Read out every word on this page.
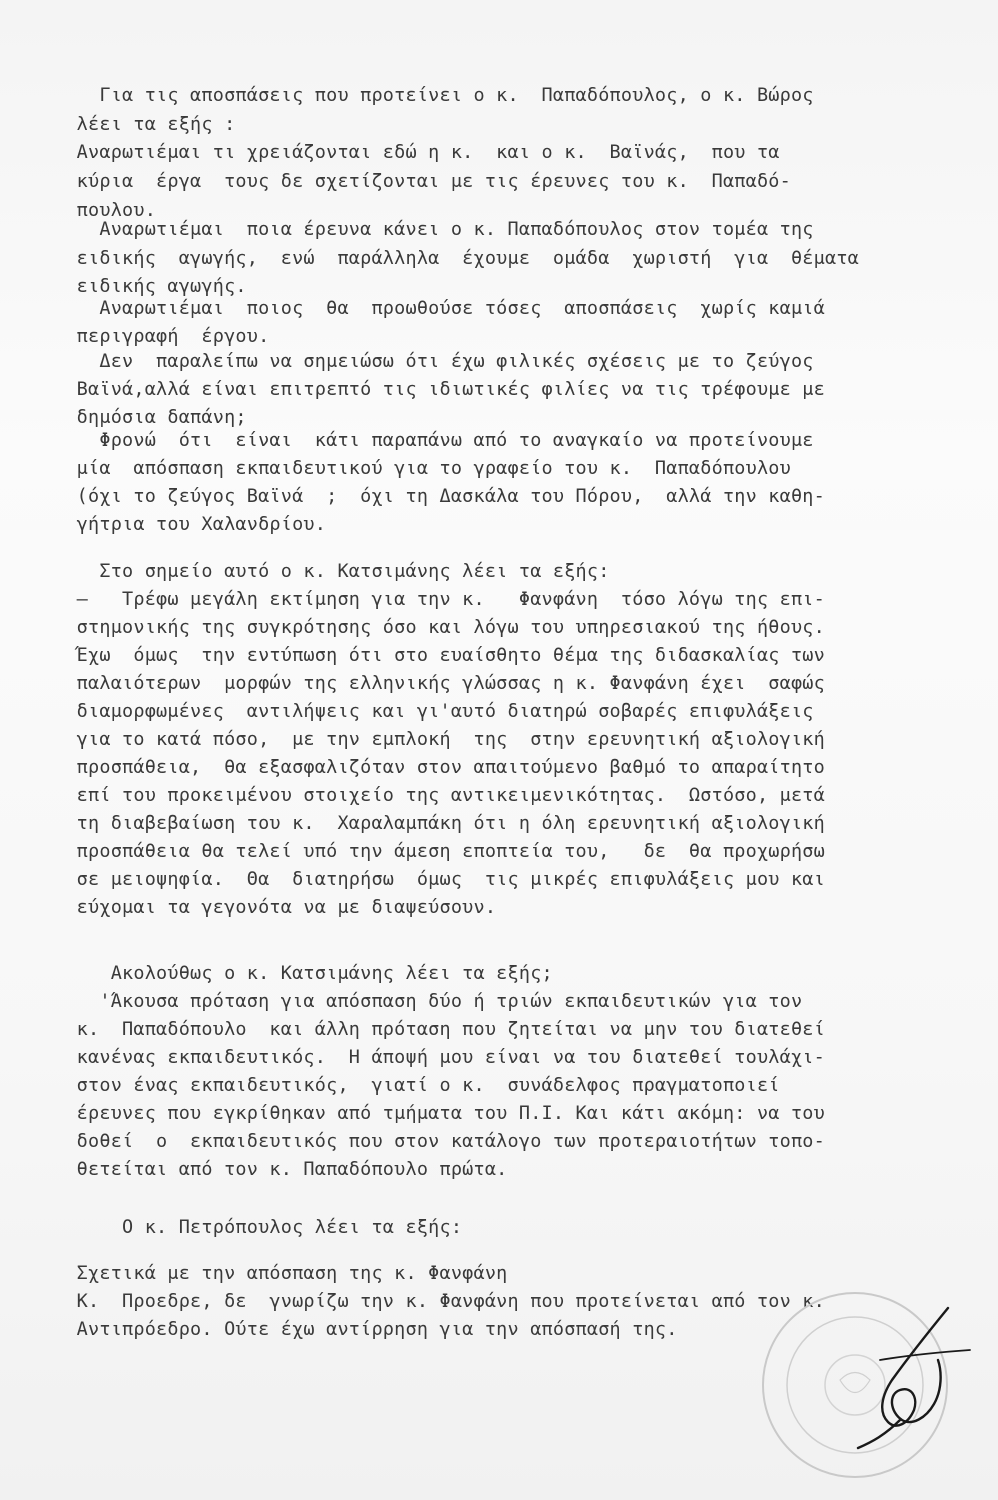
Για τις αποσπάσεις που προτείνει ο κ.  Παπαδόπουλος, ο κ. Βώρος
λέει τα εξής :
Αναρωτιέμαι τι χρειάζονται εδώ η κ.  και ο κ.  Βαϊνάς,  που τα
κύρια  έργα  τους δε σχετίζονται με τις έρευνες του κ.  Παπαδό-
πουλου.
Αναρωτιέμαι  ποια έρευνα κάνει ο κ. Παπαδόπουλος στον τομέα της
ειδικής  αγωγής,  ενώ  παράλληλα  έχουμε  ομάδα  χωριστή  για  θέματα
ειδικής αγωγής.
Αναρωτιέμαι  ποιος  θα  προωθούσε τόσες  αποσπάσεις  χωρίς καμιά
περιγραφή  έργου.
Δεν  παραλείπω να σημειώσω ότι έχω φιλικές σχέσεις με το ζεύγος
Βαϊνά,αλλά είναι επιτρεπτό τις ιδιωτικές φιλίες να τις τρέφουμε με
δημόσια δαπάνη;
Φρονώ  ότι  είναι  κάτι παραπάνω από το αναγκαίο να προτείνουμε
μία  απόσπαση εκπαιδευτικού για το γραφείο του κ.  Παπαδόπουλου
(όχι το ζεύγος Βαϊνά  ;  όχι τη Δασκάλα του Πόρου,  αλλά την καθη-
γήτρια του Χαλανδρίου.
Στο σημείο αυτό ο κ. Κατσιμάνης λέει τα εξής:
—   Τρέφω μεγάλη εκτίμηση για την κ.   Φανφάνη  τόσο λόγω της επι-
στημονικής της συγκρότησης όσο και λόγω του υπηρεσιακού της ήθους.
Έχω  όμως  την εντύπωση ότι στο ευαίσθητο θέμα της διδασκαλίας των
παλαιότερων  μορφών της ελληνικής γλώσσας η κ. Φανφάνη έχει  σαφώς
διαμορφωμένες  αντιλήψεις και γι'αυτό διατηρώ σοβαρές επιφυλάξεις
για το κατά πόσο,  με την εμπλοκή  της  στην ερευνητική αξιολογική
προσπάθεια,  θα εξασφαλιζόταν στον απαιτούμενο βαθμό το απαραίτητο
επί του προκειμένου στοιχείο της αντικειμενικότητας.  Ωστόσο, μετά
τη διαβεβαίωση του κ.  Χαραλαμπάκη ότι η όλη ερευνητική αξιολογική
προσπάθεια θα τελεί υπό την άμεση εποπτεία του,   δε  θα προχωρήσω
σε μειοψηφία.  Θα  διατηρήσω  όμως  τις μικρές επιφυλάξεις μου και
εύχομαι τα γεγονότα να με διαψεύσουν.
Ακολούθως ο κ. Κατσιμάνης λέει τα εξής;
'Άκουσα πρόταση για απόσπαση δύο ή τριών εκπαιδευτικών για τον
κ.  Παπαδόπουλο  και άλλη πρόταση που ζητείται να μην του διατεθεί
κανένας εκπαιδευτικός.  Η άποψή μου είναι να του διατεθεί τουλάχι-
στον ένας εκπαιδευτικός,  γιατί ο κ.  συνάδελφος πραγματοποιεί
έρευνες που εγκρίθηκαν από τμήματα του Π.Ι. Και κάτι ακόμη: να του
δοθεί  ο  εκπαιδευτικός που στον κατάλογο των προτεραιοτήτων τοπο-
θετείται από τον κ. Παπαδόπουλο πρώτα.
Ο κ. Πετρόπουλος λέει τα εξής:
Σχετικά με την απόσπαση της κ. Φανφάνη
Κ.  Προεδρε, δε  γνωρίζω την κ. Φανφάνη που προτείνεται από τον κ.
Αντιπρόεδρο. Ούτε έχω αντίρρηση για την απόσπασή της.
